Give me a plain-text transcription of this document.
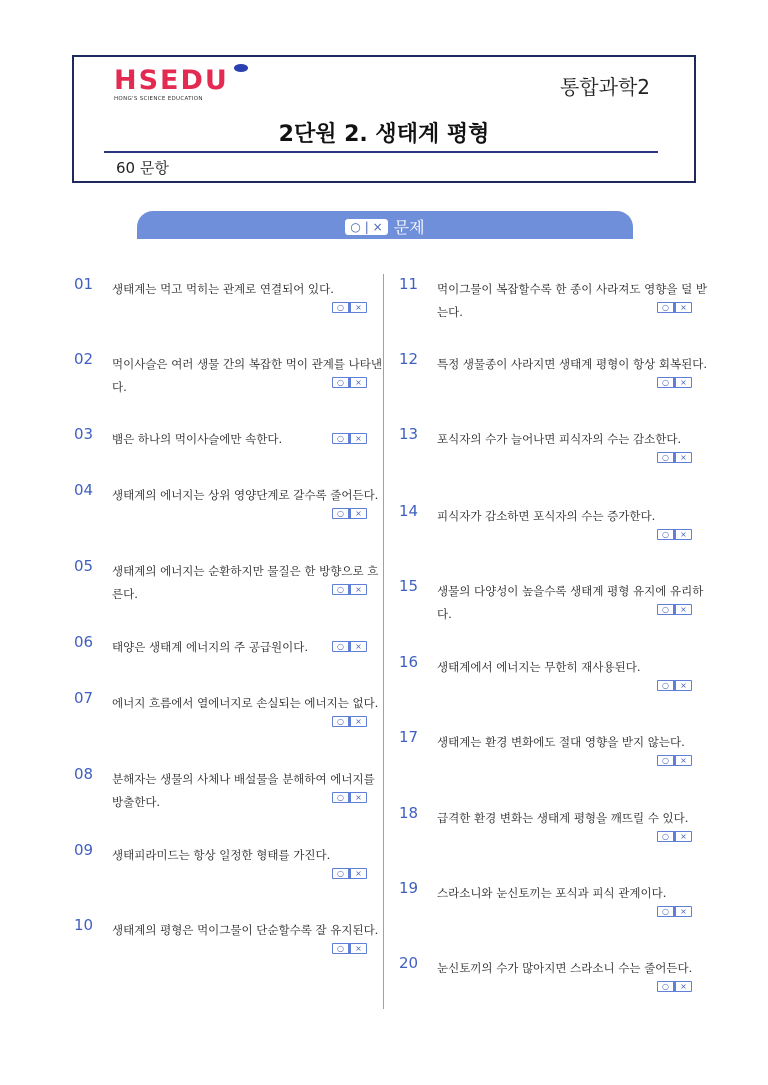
HSEDU
HONG'S SCIENCE EDUCATION	통합과학2
2단원 2. 생태계 평형
60 문항
○ | × 문제
01 생태계는 먹고 먹히는 관계로 연결되어 있다.
○	×
02 먹이사슬은 여러 생물 간의 복잡한 먹이 관계를 나타낸다.	○	×
03 뱀은 하나의 먹이사슬에만 속한다.	○	×
04 생태계의 에너지는 상위 영양단계로 갈수록 줄어든다.
○	×
05 생태계의 에너지는 순환하지만 물질은 한 방향으로 흐른다.	○	×
06 태양은 생태계 에너지의 주 공급원이다.	○	×
07 에너지 흐름에서 열에너지로 손실되는 에너지는 없다.
○	×
08 분해자는 생물의 사체나 배설물을 분해하여 에너지를 방출한다.	○	×
09 생태피라미드는 항상 일정한 형태를 가진다.
○	×
10 생태계의 평형은 먹이그물이 단순할수록 잘 유지된다.
○	×
11 먹이그물이 복잡할수록 한 종이 사라져도 영향을 덜 받는다.	○	×
12 특정 생물종이 사라지면 생태계 평형이 항상 회복된다.
○	×
13 포식자의 수가 늘어나면 피식자의 수는 감소한다.
○	×
14 피식자가 감소하면 포식자의 수는 증가한다.
○	×
15 생물의 다양성이 높을수록 생태계 평형 유지에 유리하다.	○	×
16 생태계에서 에너지는 무한히 재사용된다.
○	×
17 생태계는 환경 변화에도 절대 영향을 받지 않는다.
○	×
18 급격한 환경 변화는 생태계 평형을 깨뜨릴 수 있다.
○	×
19 스라소니와 눈신토끼는 포식과 피식 관계이다.
○	×
20 눈신토끼의 수가 많아지면 스라소니 수는 줄어든다.
○	×
